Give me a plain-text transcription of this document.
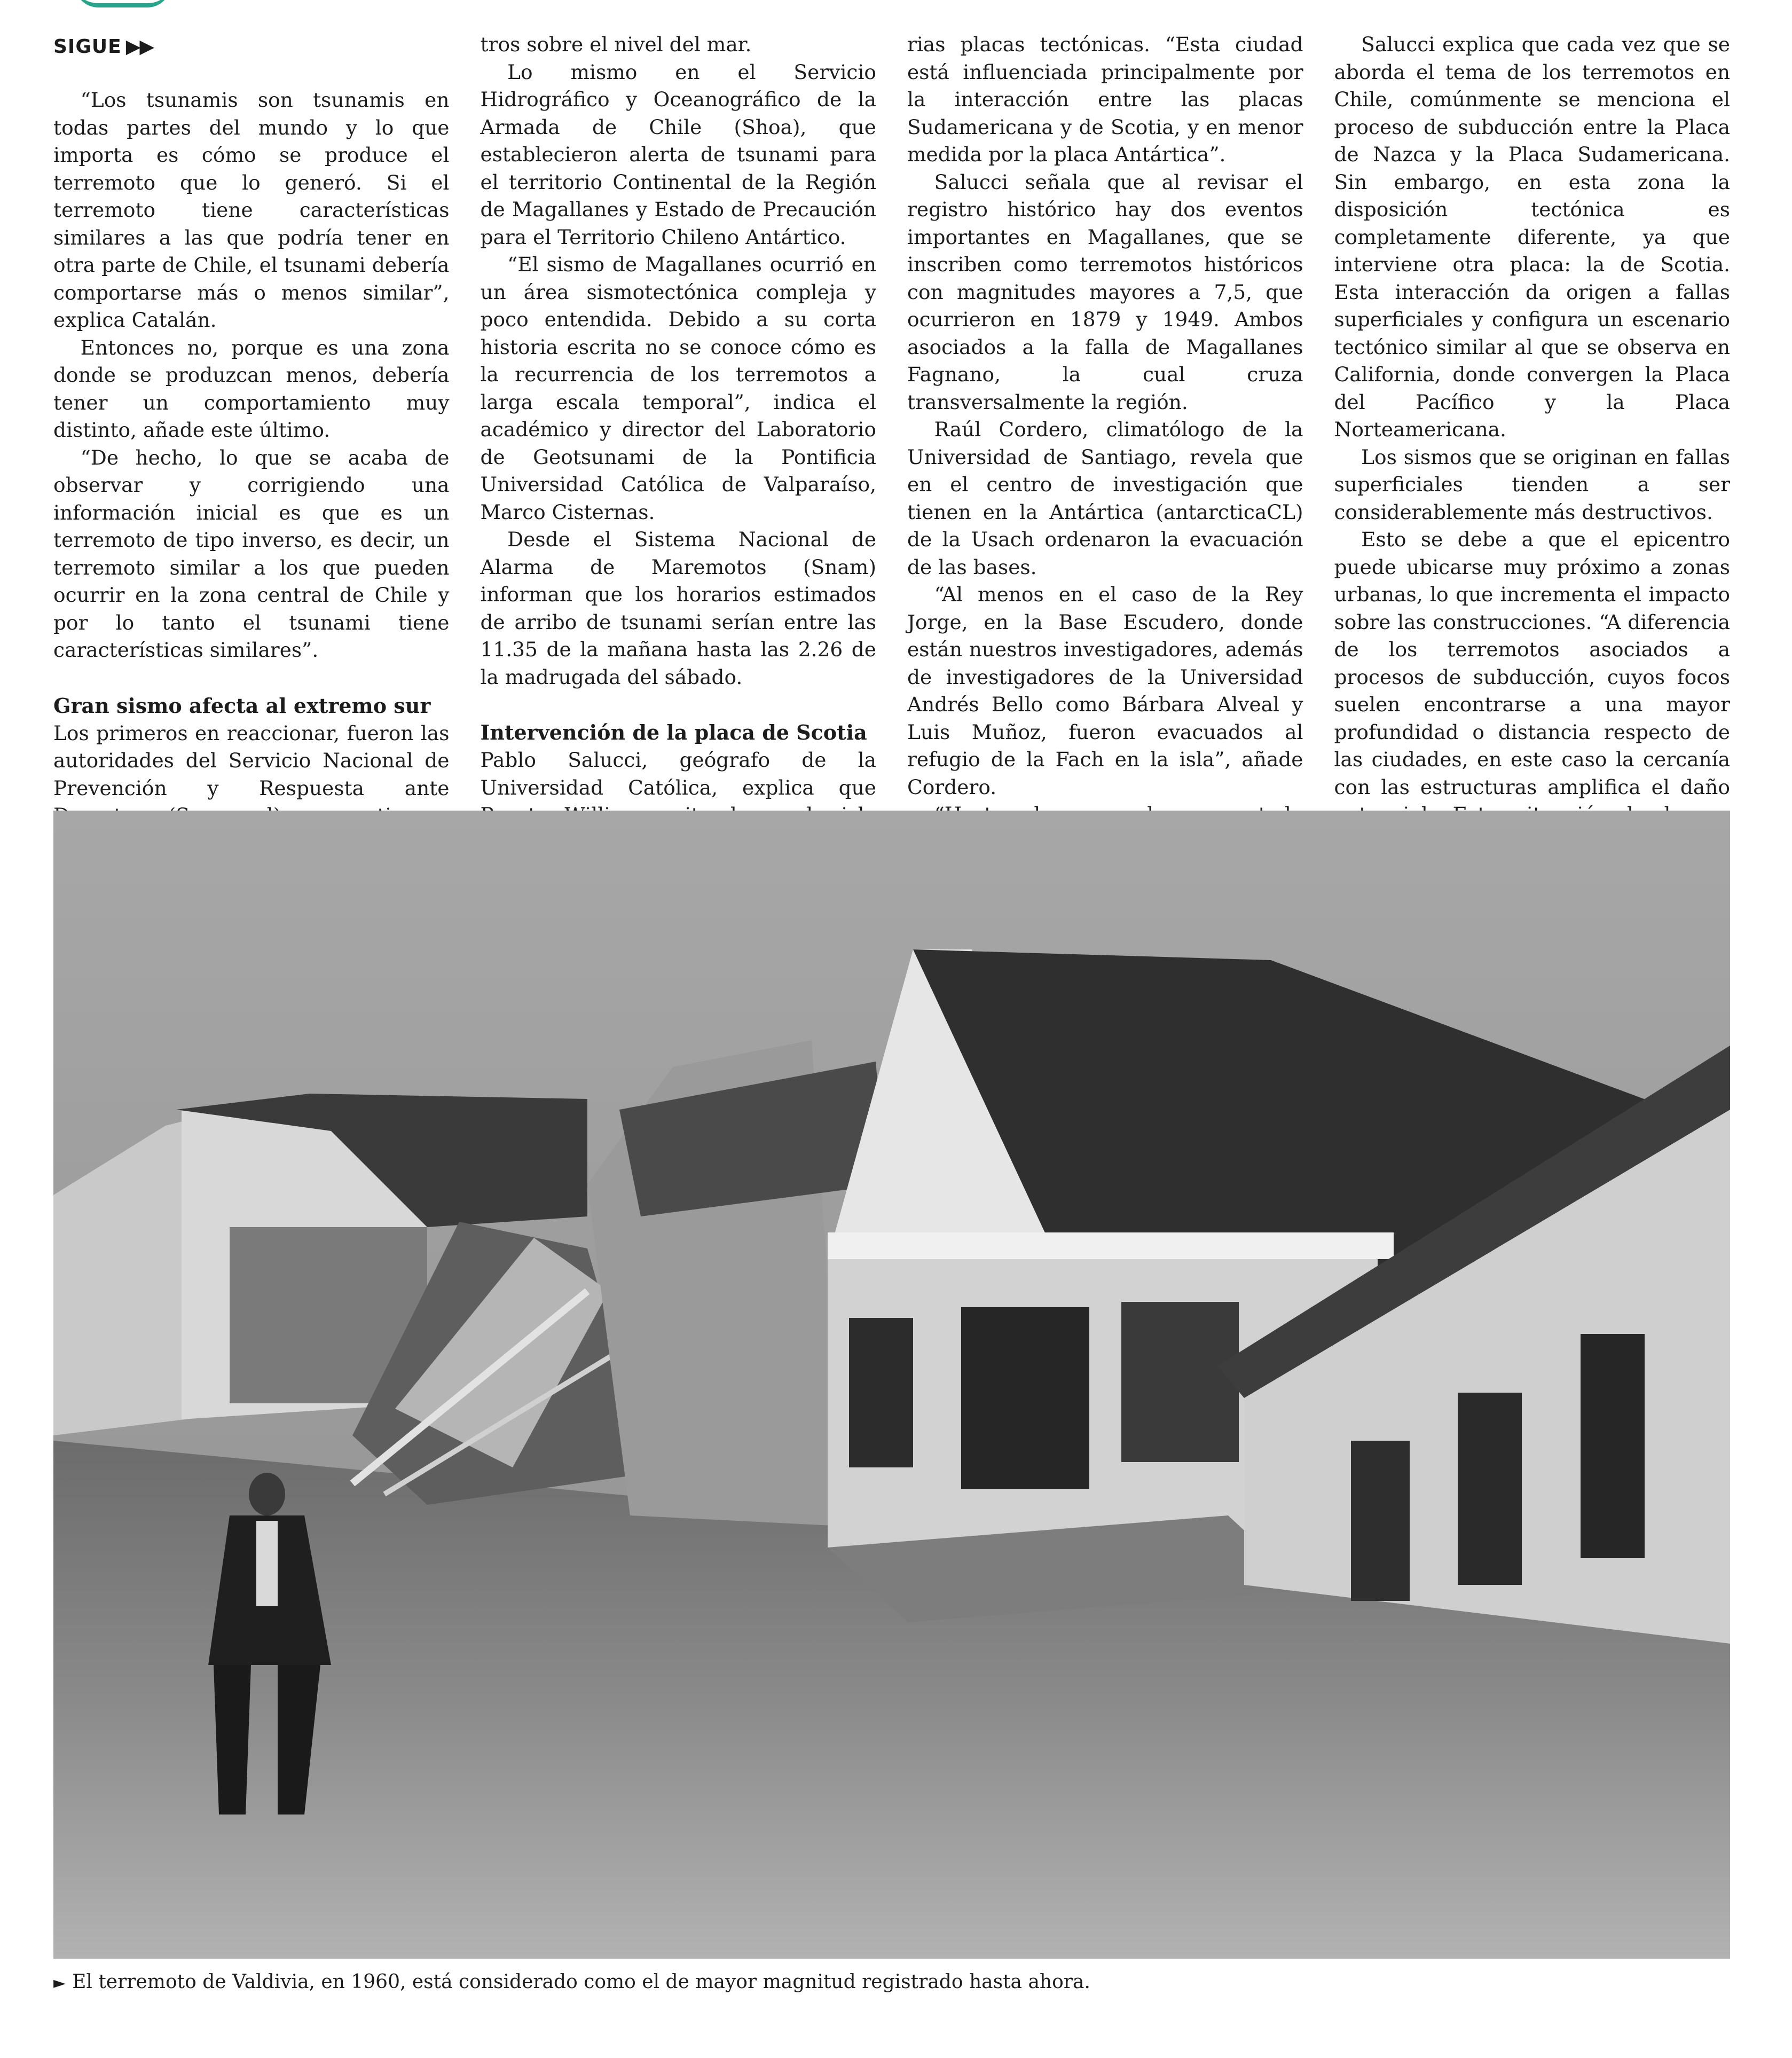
SIGUE ▶▶

“Los tsunamis son tsunamis en todas partes del mundo y lo que importa es cómo se produce el terremoto que lo generó. Si el terremoto tiene características similares a las que podría tener en otra parte de Chile, el tsunami debería comportarse más o menos similar”, explica Catalán.

Entonces no, porque es una zona donde se produzcan menos, debería tener un comportamiento muy distinto, añade este último.

“De hecho, lo que se acaba de observar y corrigiendo una información inicial es que es un terremoto de tipo inverso, es decir, un terremoto similar a los que pueden ocurrir en la zona central de Chile y por lo tanto el tsunami tiene características similares”.

Gran sismo afecta al extremo sur

Los primeros en reaccionar, fueron las autoridades del Servicio Nacional de Prevención y Respuesta ante

tros sobre el nivel del mar.

Lo mismo en el Servicio Hidrográfico y Oceanográfico de la Armada de Chile (Shoa), que establecieron alerta de tsunami para el territorio Continental de la Región de Magallanes y Estado de Precaución para el Territorio Chileno Antártico.

“El sismo de Magallanes ocurrió en un área sismotectónica compleja y poco entendida. Debido a su corta historia escrita no se conoce cómo es la recurrencia de los terremotos a larga escala temporal”, indica el académico y director del Laboratorio de Geotsunami de la Pontificia Universidad Católica de Valparaíso, Marco Cisternas.

Desde el Sistema Nacional de Alarma de Maremotos (Snam) informan que los horarios estimados de arribo de tsunami serían entre las 11.35 de la mañana hasta las 2.26 de la madrugada del sábado.

Intervención de la placa de Scotia

Pablo Salucci, geógrafo de la Universidad Católica, explica que

rias placas tectónicas. “Esta ciudad está influenciada principalmente por la interacción entre las placas Sudamericana y de Scotia, y en menor medida por la placa Antártica”.

Salucci señala que al revisar el registro histórico hay dos eventos importantes en Magallanes, que se inscriben como terremotos históricos con magnitudes mayores a 7,5, que ocurrieron en 1879 y 1949. Ambos asociados a la falla de Magallanes Fagnano, la cual cruza transversalmente la región.

Raúl Cordero, climatólogo de la Universidad de Santiago, revela que en el centro de investigación que tienen en la Antártica (antarcticaCL) de la Usach ordenaron la evacuación de las bases.

“Al menos en el caso de la Rey Jorge, en la Base Escudero, donde están nuestros investigadores, además de investigadores de la Universidad Andrés Bello como Bárbara Alveal y Luis Muñoz, fueron evacuados al refugio de la Fach en la isla”, añade Cordero.

Salucci explica que cada vez que se aborda el tema de los terremotos en Chile, comúnmente se menciona el proceso de subducción entre la Placa de Nazca y la Placa Sudamericana. Sin embargo, en esta zona la disposición tectónica es completamente diferente, ya que interviene otra placa: la de Scotia. Esta interacción da origen a fallas superficiales y configura un escenario tectónico similar al que se observa en California, donde convergen la Placa del Pacífico y la Placa Norteamericana.

Los sismos que se originan en fallas superficiales tienden a ser considerablemente más destructivos.

Esto se debe a que el epicentro puede ubicarse muy próximo a zonas urbanas, lo que incrementa el impacto sobre las construcciones. “A diferencia de los terremotos asociados a procesos de subducción, cuyos focos suelen encontrarse a una mayor profundidad o distancia respecto de las ciudades, en este caso la cercanía con las estructuras amplifica el daño

► El terremoto de Valdivia, en 1960, está considerado como el de mayor magnitud registrado hasta ahora.
